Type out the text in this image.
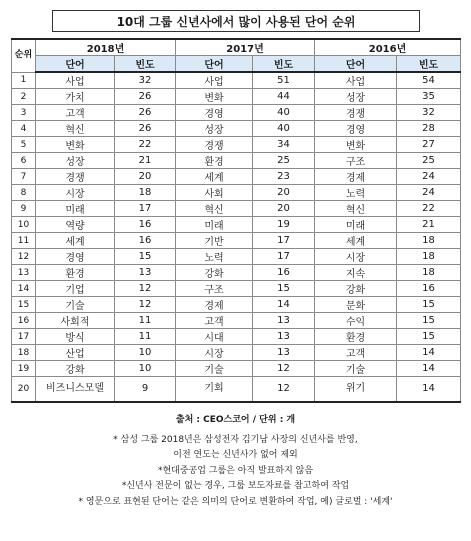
10대 그룹 신년사에서 많이 사용된 단어 순위
순위	2018년		2017년		2016년	
	단어	빈도	단어	빈도	단어	빈도
1	사업	32	사업	51	사업	54
2	가치	26	변화	44	성장	35
3	고객	26	경영	40	경쟁	32
4	혁신	26	성장	40	경영	28
5	변화	22	경쟁	34	변화	27
6	성장	21	환경	25	구조	25
7	경쟁	20	세계	23	경제	24
8	시장	18	사회	20	노력	24
9	미래	17	혁신	20	혁신	22
10	역량	16	미래	19	미래	21
11	세계	16	기반	17	세계	18
12	경영	15	노력	17	시장	18
13	환경	13	강화	16	지속	18
14	기업	12	구조	15	강화	16
15	기술	12	경제	14	문화	15
16	사회적	11	고객	13	수익	15
17	방식	11	시대	13	환경	15
18	산업	10	시장	13	고객	14
19	강화	10	기술	12	기술	14
20	비즈니스모델	9	기회	12	위기	14
출처 : CEO스코어 / 단위 : 개
* 삼성 그룹 2018년은 삼성전자 김기남 사장의 신년사를 반영,
이전 연도는 신년사가 없어 제외
*현대중공업 그룹은 아직 발표하지 않음
*신년사 전문이 없는 경우, 그룹 보도자료를 참고하여 작업
* 영문으로 표현된 단어는 같은 의미의 단어로 변환하여 작업, 예) 글로벌 : '세계'
